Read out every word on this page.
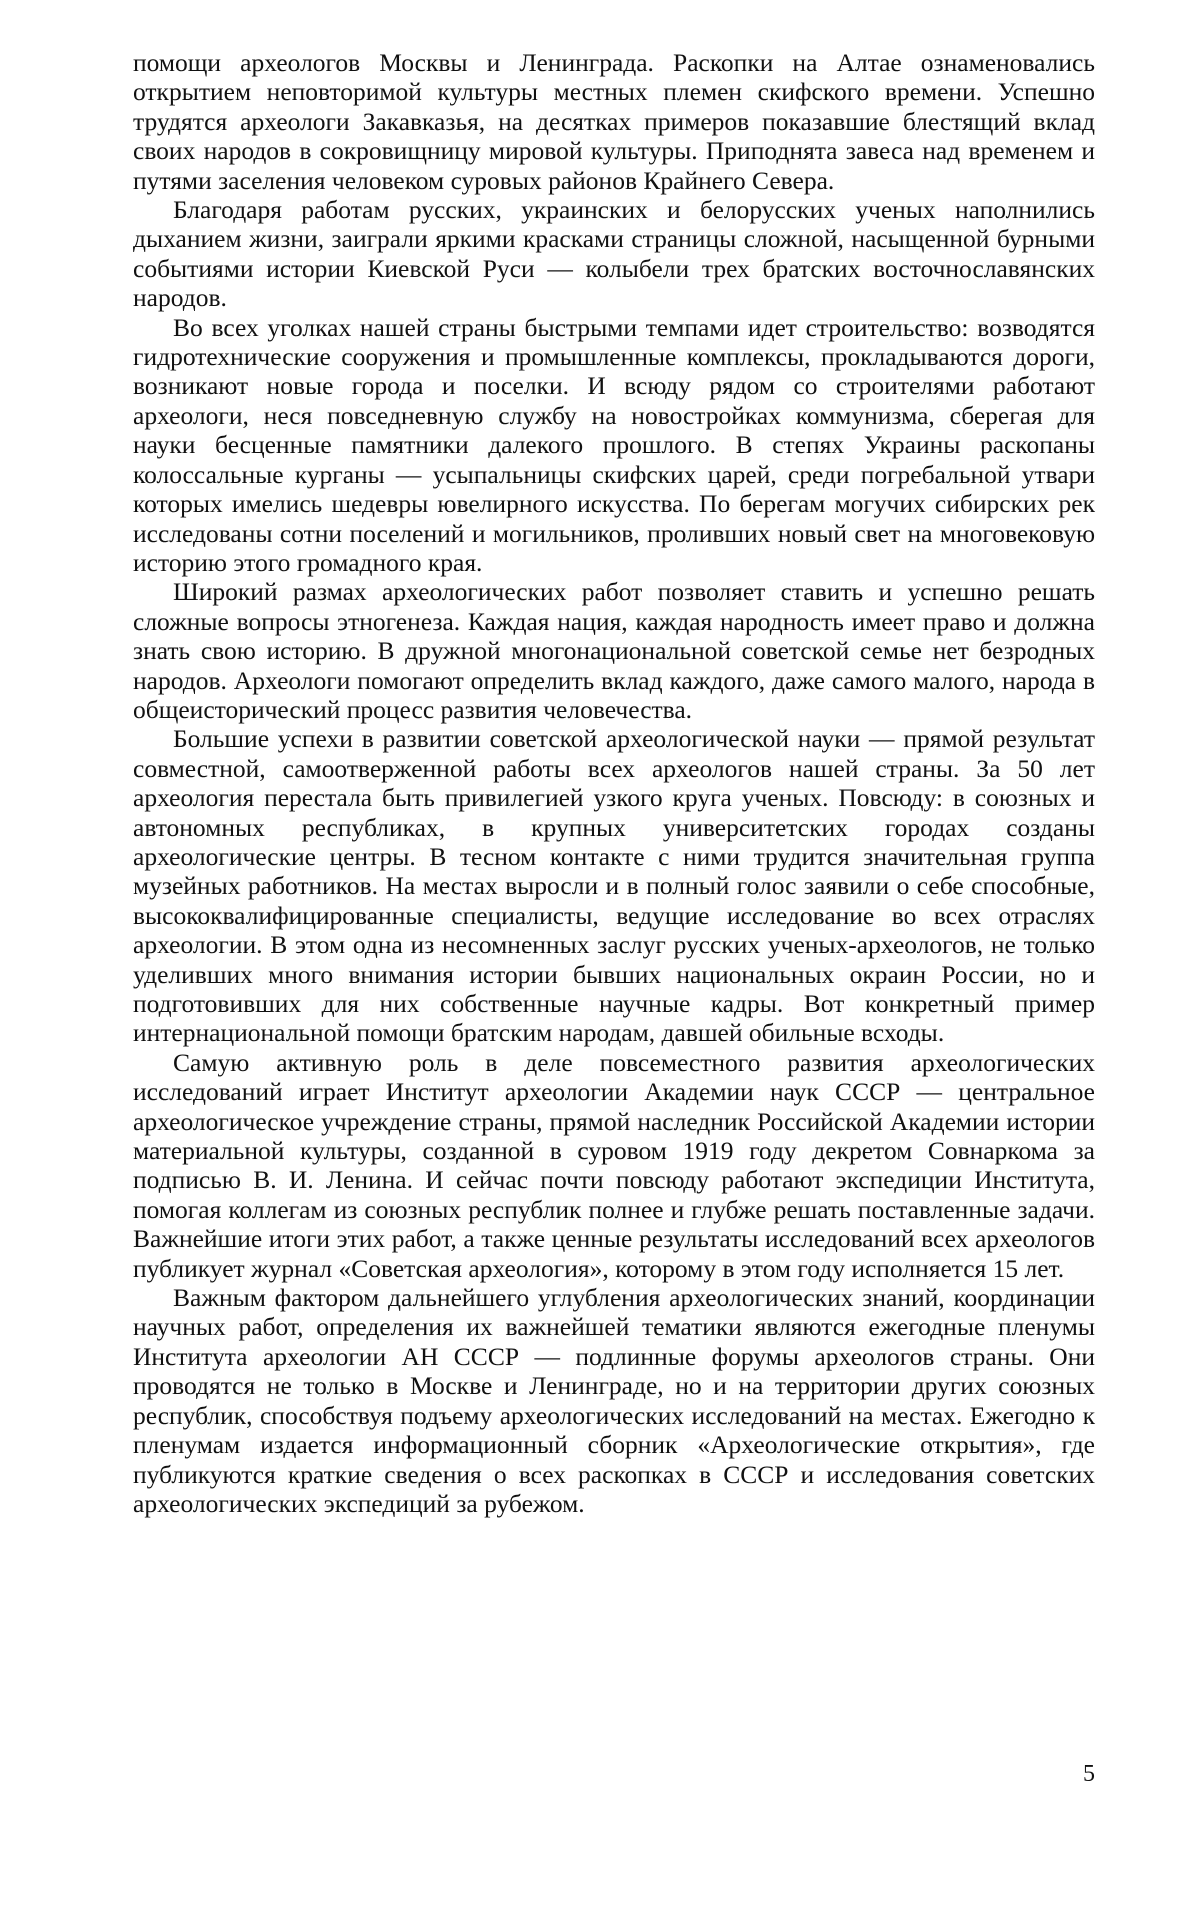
помощи археологов Москвы и Ленинграда. Раскопки на Алтае ознаменовались открытием неповторимой культуры местных племен скифского времени. Успешно трудятся археологи Закавказья, на десятках примеров показавшие блестящий вклад своих народов в сокровищницу мировой культуры. Приподнята завеса над временем и путями заселения человеком суровых районов Крайнего Севера.

Благодаря работам русских, украинских и белорусских ученых наполнились дыханием жизни, заиграли яркими красками страницы сложной, насыщенной бурными событиями истории Киевской Руси — колыбели трех братских восточнославянских народов.

Во всех уголках нашей страны быстрыми темпами идет строительство: возводятся гидротехнические сооружения и промышленные комплексы, прокладываются дороги, возникают новые города и поселки. И всюду рядом со строителями работают археологи, неся повседневную службу на новостройках коммунизма, сберегая для науки бесценные памятники далекого прошлого. В степях Украины раскопаны колоссальные курганы — усыпальницы скифских царей, среди погребальной утвари которых имелись шедевры ювелирного искусства. По берегам могучих сибирских рек исследованы сотни поселений и могильников, проливших новый свет на многовековую историю этого громадного края.

Широкий размах археологических работ позволяет ставить и успешно решать сложные вопросы этногенеза. Каждая нация, каждая народность имеет право и должна знать свою историю. В дружной многонациональной советской семье нет безродных народов. Археологи помогают определить вклад каждого, даже самого малого, народа в общеисторический процесс развития человечества.

Большие успехи в развитии советской археологической науки — прямой результат совместной, самоотверженной работы всех археологов нашей страны. За 50 лет археология перестала быть привилегией узкого круга ученых. Повсюду: в союзных и автономных республиках, в крупных университетских городах созданы археологические центры. В тесном контакте с ними трудится значительная группа музейных работников. На местах выросли и в полный голос заявили о себе способные, высококвалифицированные специалисты, ведущие исследование во всех отраслях археологии. В этом одна из несомненных заслуг русских ученых-археологов, не только уделивших много внимания истории бывших национальных окраин России, но и подготовивших для них собственные научные кадры. Вот конкретный пример интернациональной помощи братским народам, давшей обильные всходы.

Самую активную роль в деле повсеместного развития археологических исследований играет Институт археологии Академии наук СССР — центральное археологическое учреждение страны, прямой наследник Российской Академии истории материальной культуры, созданной в суровом 1919 году декретом Совнаркома за подписью В. И. Ленина. И сейчас почти повсюду работают экспедиции Института, помогая коллегам из союзных республик полнее и глубже решать поставленные задачи. Важнейшие итоги этих работ, а также ценные результаты исследований всех археологов публикует журнал «Советская археология», которому в этом году исполняется 15 лет.

Важным фактором дальнейшего углубления археологических знаний, координации научных работ, определения их важнейшей тематики являются ежегодные пленумы Института археологии АН СССР — подлинные форумы археологов страны. Они проводятся не только в Москве и Ленинграде, но и на территории других союзных республик, способствуя подъему археологических исследований на местах. Ежегодно к пленумам издается информационный сборник «Археологические открытия», где публикуются краткие сведения о всех раскопках в СССР и исследования советских археологических экспедиций за рубежом.

5
